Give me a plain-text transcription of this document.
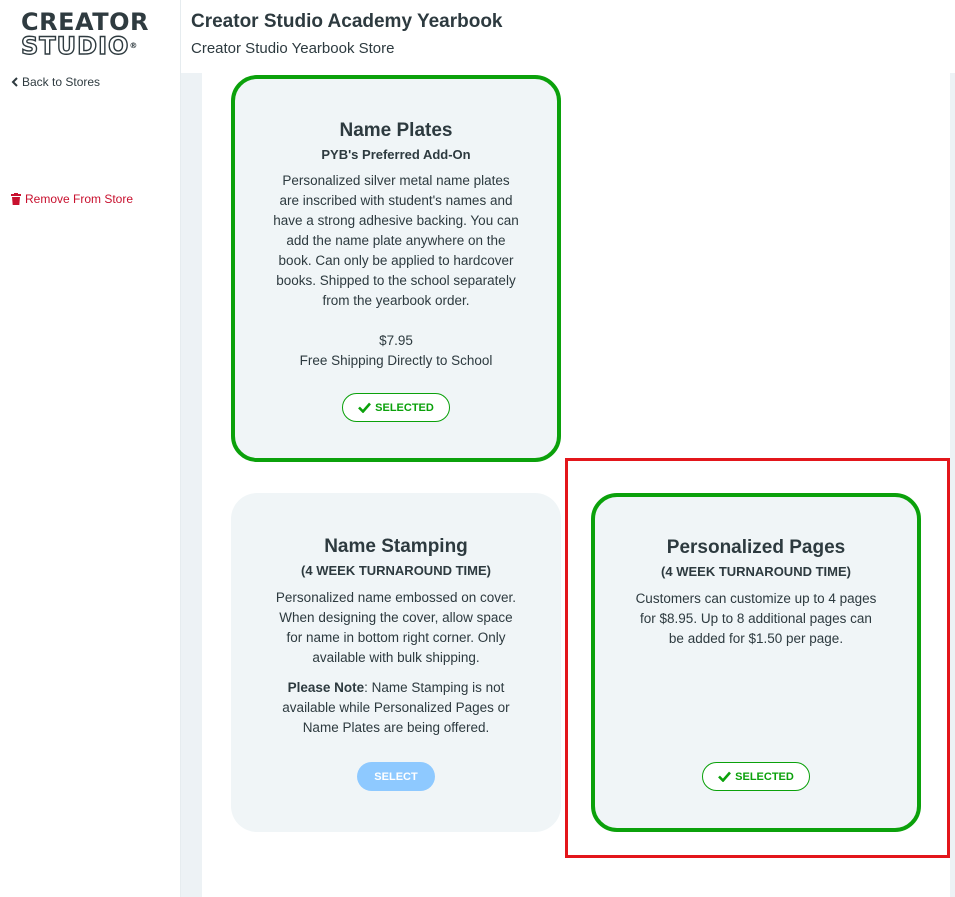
CREATOR
STUDIO®
Back to Stores
Remove From Store
Creator Studio Academy Yearbook
Creator Studio Yearbook Store
Name Plates
PYB's Preferred Add-On
Personalized silver metal name plates are inscribed with student's names and have a strong adhesive backing. You can add the name plate anywhere on the book. Can only be applied to hardcover books. Shipped to the school separately from the yearbook order.
$7.95
Free Shipping Directly to School
SELECTED
Name Stamping
(4 WEEK TURNAROUND TIME)
Personalized name embossed on cover. When designing the cover, allow space for name in bottom right corner. Only available with bulk shipping.
Please Note: Name Stamping is not available while Personalized Pages or Name Plates are being offered.
SELECT
Personalized Pages
(4 WEEK TURNAROUND TIME)
Customers can customize up to 4 pages for $8.95. Up to 8 additional pages can be added for $1.50 per page.
SELECTED
